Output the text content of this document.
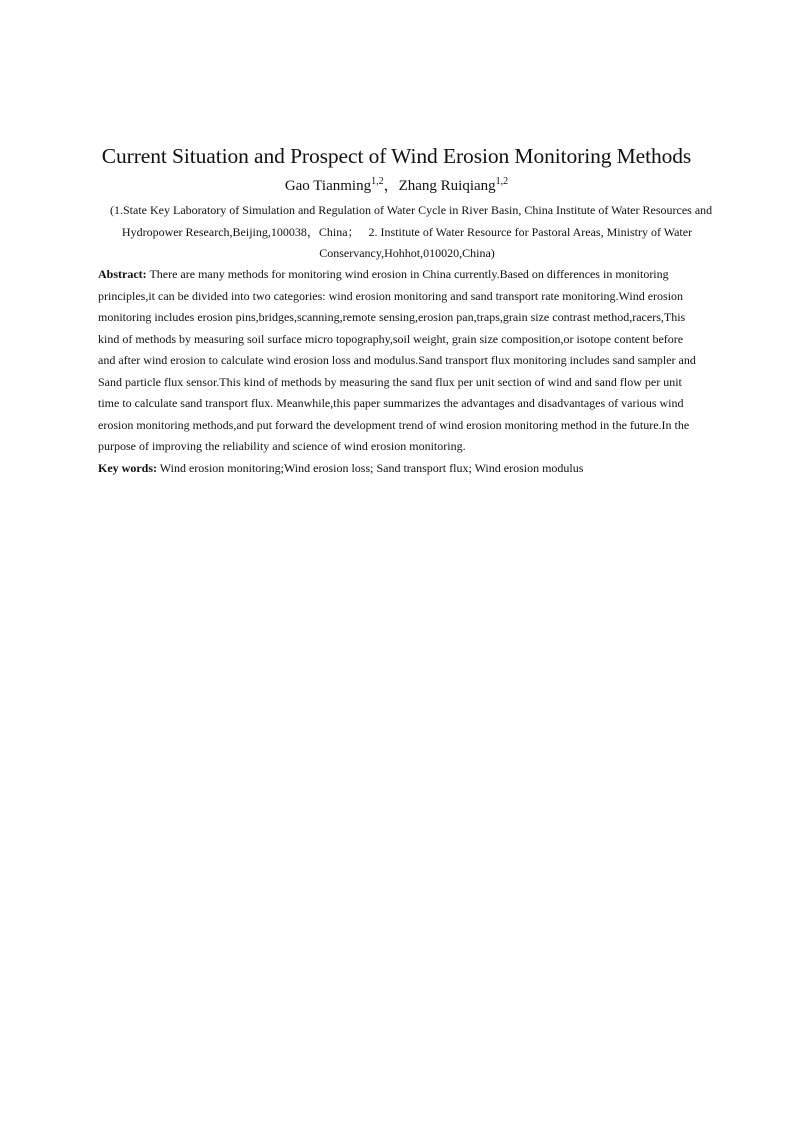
Current Situation and Prospect of Wind Erosion Monitoring Methods
Gao Tianming$^{1,2}$，Zhang Ruiqiang$^{1,2}$
(1.State Key Laboratory of Simulation and Regulation of Water Cycle in River Basin, China Institute of Water Resources and
Hydropower Research,Beijing,100038，China；   2. Institute of Water Resource for Pastoral Areas, Ministry of Water
Conservancy,Hohhot,010020,China)
Abstract: There are many methods for monitoring wind erosion in China currently.Based on differences in monitoring
principles,it can be divided into two categories: wind erosion monitoring and sand transport rate monitoring.Wind erosion
monitoring includes erosion pins,bridges,scanning,remote sensing,erosion pan,traps,grain size contrast method,racers,This
kind of methods by measuring soil surface micro topography,soil weight, grain size composition,or isotope content before
and after wind erosion to calculate wind erosion loss and modulus.Sand transport flux monitoring includes sand sampler and
Sand particle flux sensor.This kind of methods by measuring the sand flux per unit section of wind and sand flow per unit
time to calculate sand transport flux. Meanwhile,this paper summarizes the advantages and disadvantages of various wind
erosion monitoring methods,and put forward the development trend of wind erosion monitoring method in the future.In the
purpose of improving the reliability and science of wind erosion monitoring.
Key words: Wind erosion monitoring;Wind erosion loss; Sand transport flux; Wind erosion modulus
